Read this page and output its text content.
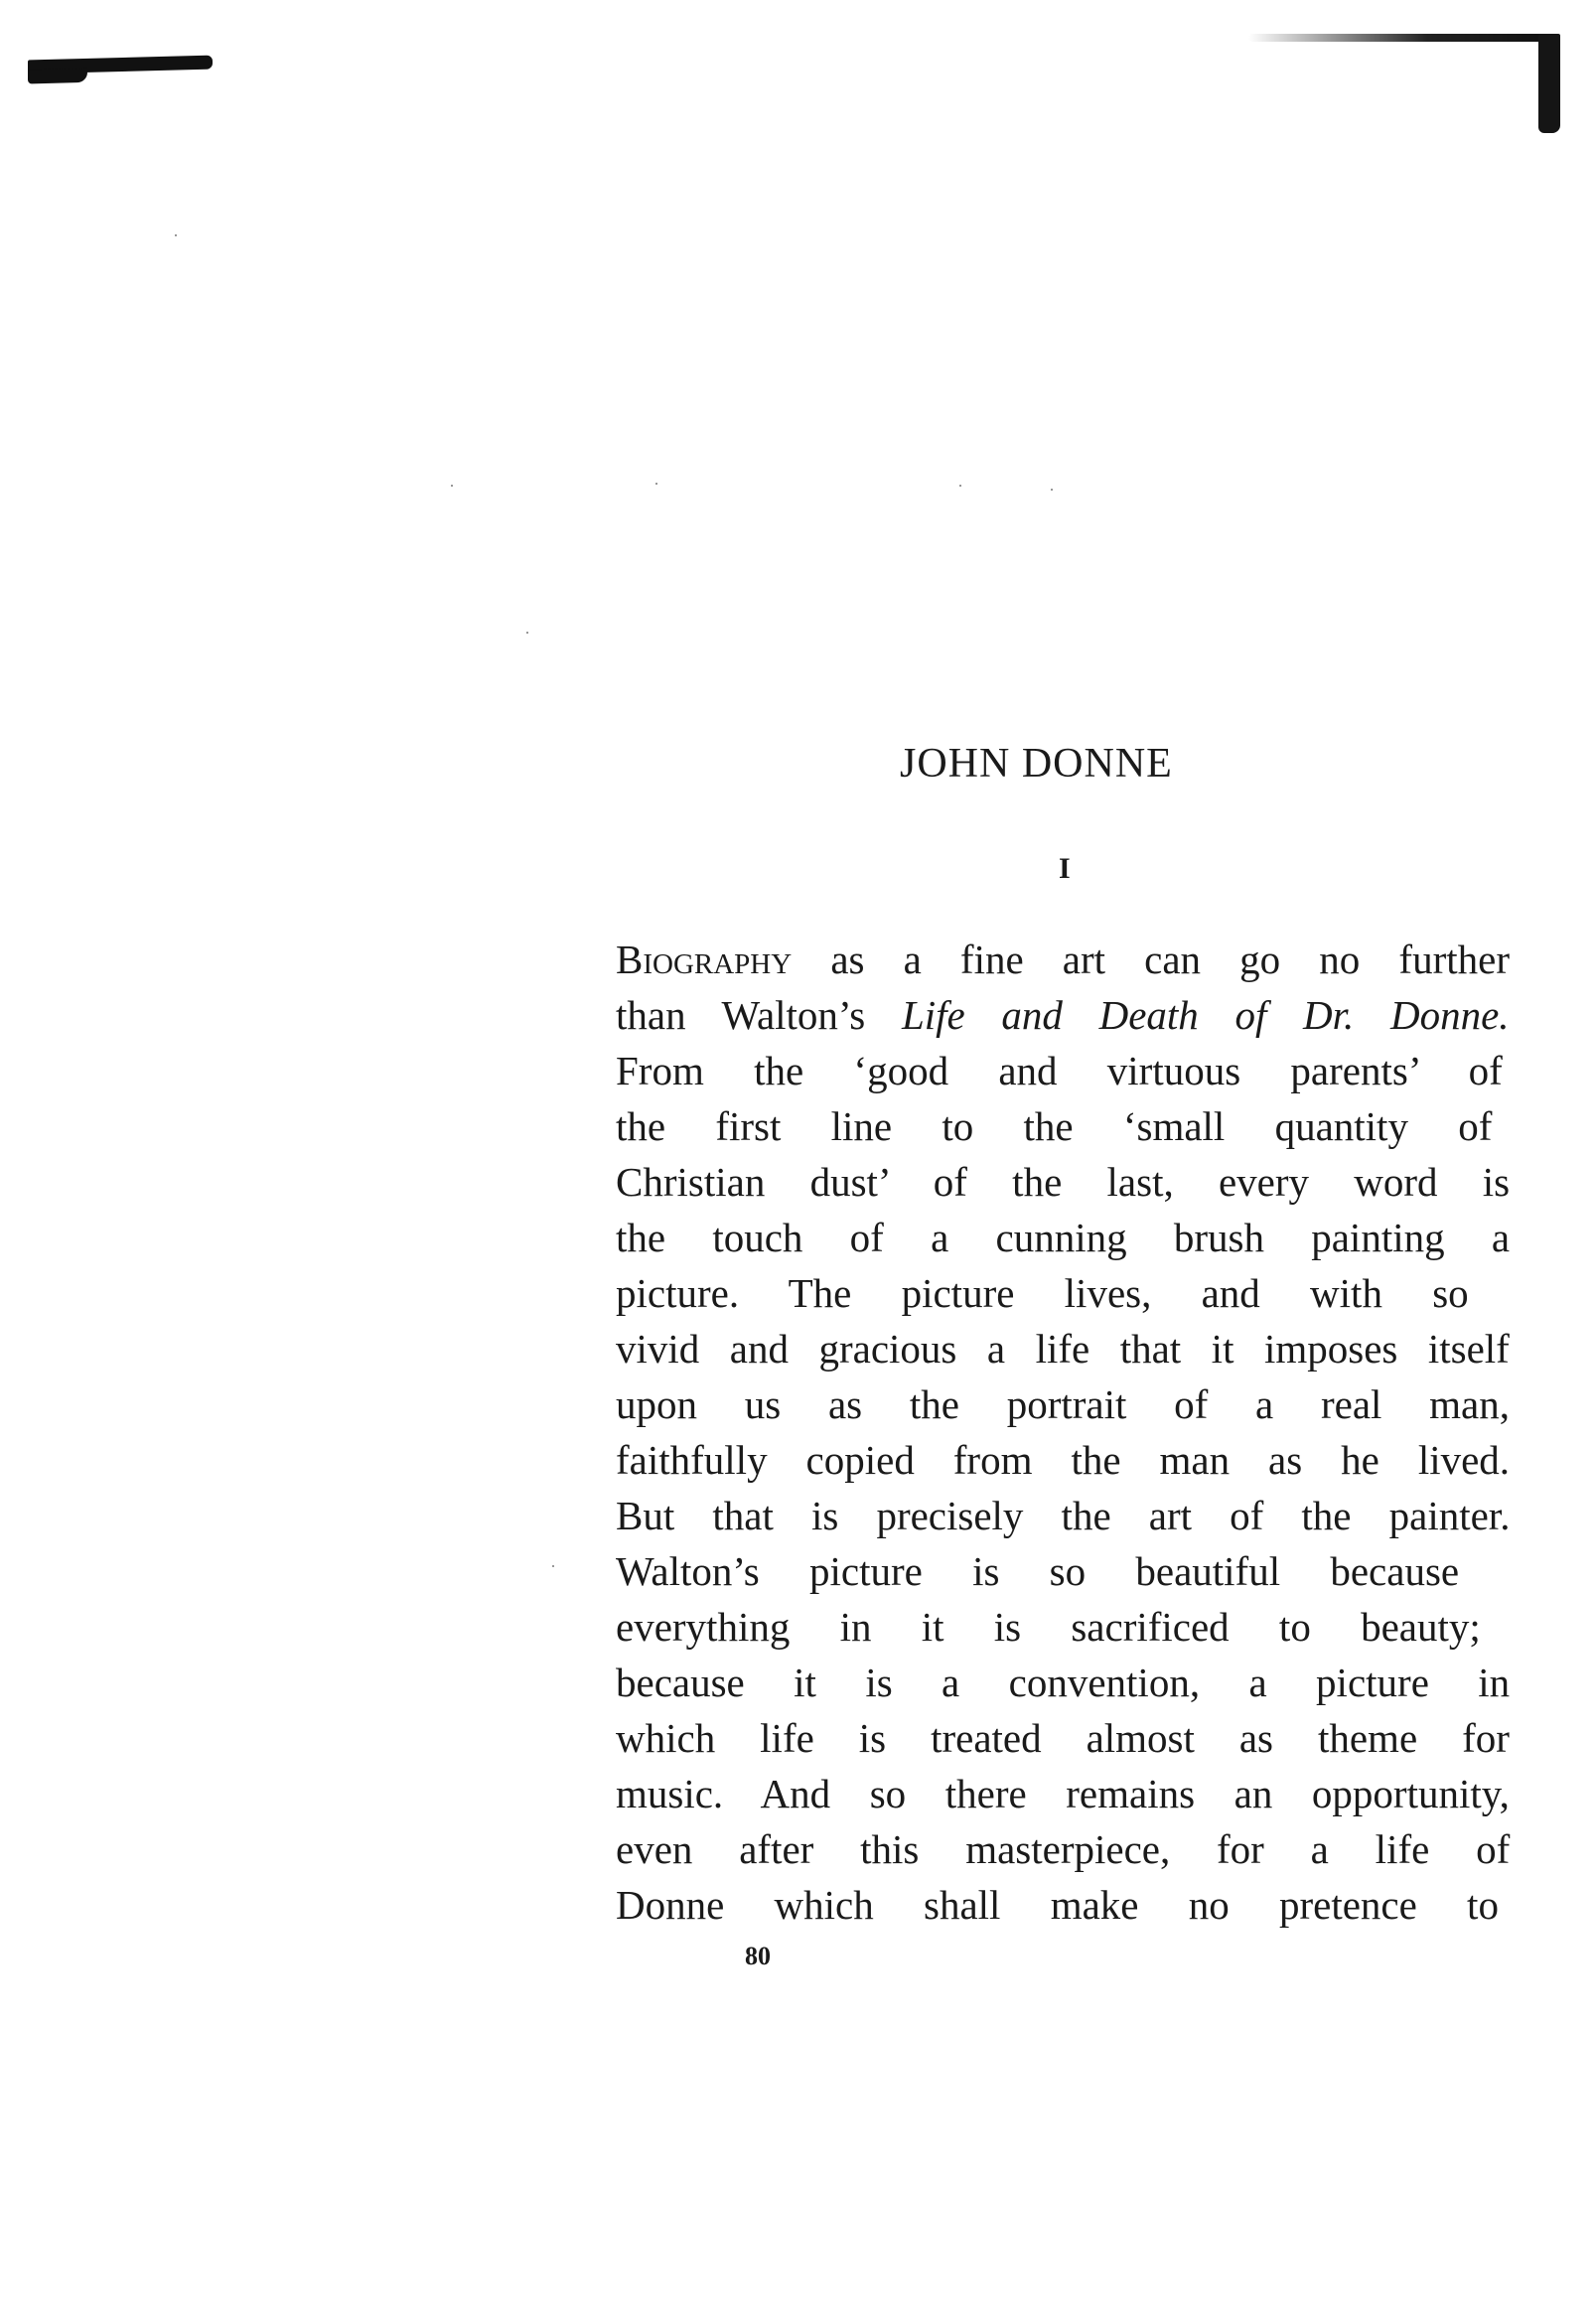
JOHN DONNE
I
Biography as a fine art can go no further
than Walton’s Life and Death of Dr. Donne.
From the ‘good and virtuous parents’ of
the first line to the ‘small quantity of
Christian dust’ of the last, every word is
the touch of a cunning brush painting a
picture. The picture lives, and with so
vivid and gracious a life that it imposes itself
upon us as the portrait of a real man,
faithfully copied from the man as he lived.
But that is precisely the art of the painter.
Walton’s picture is so beautiful because
everything in it is sacrificed to beauty;
because it is a convention, a picture in
which life is treated almost as theme for
music. And so there remains an opportunity,
even after this masterpiece, for a life of
Donne which shall make no pretence to
80
